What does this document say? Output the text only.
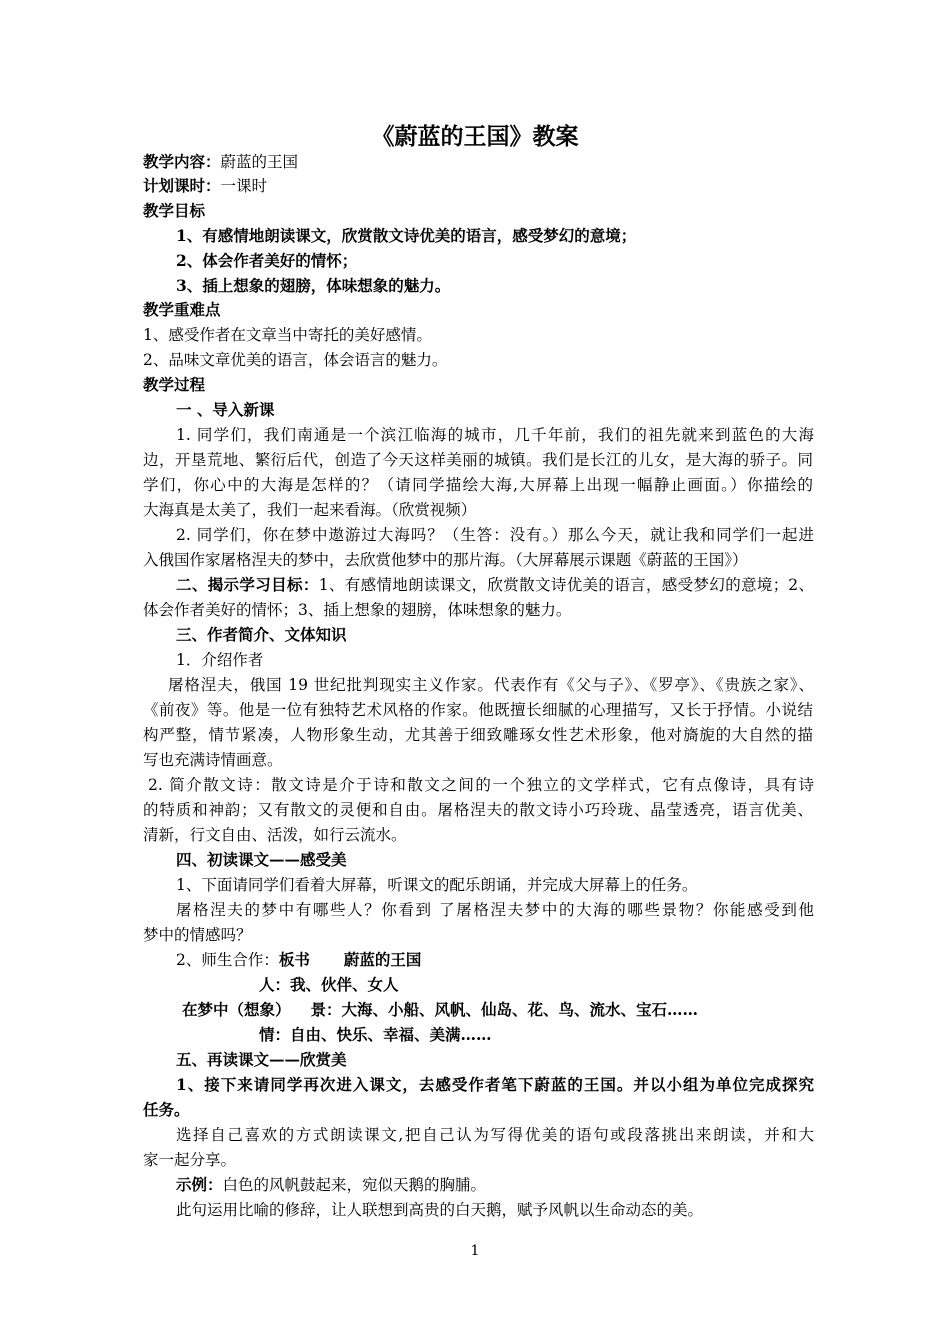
《蔚蓝的王国》教案
教学内容：蔚蓝的王国
计划课时：一课时
教学目标
1、有感情地朗读课文，欣赏散文诗优美的语言，感受梦幻的意境；
2、体会作者美好的情怀；
3、插上想象的翅膀，体味想象的魅力。
教学重难点
1、感受作者在文章当中寄托的美好感情。
2、品味文章优美的语言，体会语言的魅力。
教学过程
一 、导入新课
1. 同学们，我们南通是一个滨江临海的城市，几千年前，我们的祖先就来到蓝色的大海
边，开垦荒地、繁衍后代，创造了今天这样美丽的城镇。我们是长江的儿女，是大海的骄子。同
学们，你心中的大海是怎样的？（请同学描绘大海,大屏幕上出现一幅静止画面。）你描绘的
大海真是太美了，我们一起来看海。（欣赏视频）
2. 同学们，你在梦中遨游过大海吗？（生答：没有。）那么今天，就让我和同学们一起进
入俄国作家屠格涅夫的梦中，去欣赏他梦中的那片海。（大屏幕展示课题《蔚蓝的王国》）
二、揭示学习目标：1、有感情地朗读课文，欣赏散文诗优美的语言，感受梦幻的意境；2、
体会作者美好的情怀；3、插上想象的翅膀，体味想象的魅力。
三、作者简介、文体知识
1．介绍作者
屠格涅夫，俄国 19 世纪批判现实主义作家。代表作有《父与子》、《罗亭》、《贵族之家》、
《前夜》等。他是一位有独特艺术风格的作家。他既擅长细腻的心理描写，又长于抒情。小说结
构严整，情节紧凑，人物形象生动，尤其善于细致雕琢女性艺术形象，他对旖旎的大自然的描
写也充满诗情画意。
2. 简介散文诗：散文诗是介于诗和散文之间的一个独立的文学样式，它有点像诗，具有诗
的特质和神韵；又有散文的灵便和自由。屠格涅夫的散文诗小巧玲珑、晶莹透亮，语言优美、
清新，行文自由、活泼，如行云流水。
四、初读课文——感受美
1、下面请同学们看着大屏幕，听课文的配乐朗诵，并完成大屏幕上的任务。
屠格涅夫的梦中有哪些人？你看到 了屠格涅夫梦中的大海的哪些景物？你能感受到他
梦中的情感吗？
2、师生合作：板书 蔚蓝的王国
人：我、伙伴、女人
在梦中（想象） 景：大海、小船、风帆、仙岛、花、鸟、流水、宝石……
情：自由、快乐、幸福、美满……
五、再读课文——欣赏美
1、接下来请同学再次进入课文，去感受作者笔下蔚蓝的王国。并以小组为单位完成探究
任务。
选择自己喜欢的方式朗读课文,把自己认为写得优美的语句或段落挑出来朗读，并和大
家一起分享。
示例：白色的风帆鼓起来，宛似天鹅的胸脯。
此句运用比喻的修辞，让人联想到高贵的白天鹅，赋予风帆以生命动态的美。
1
